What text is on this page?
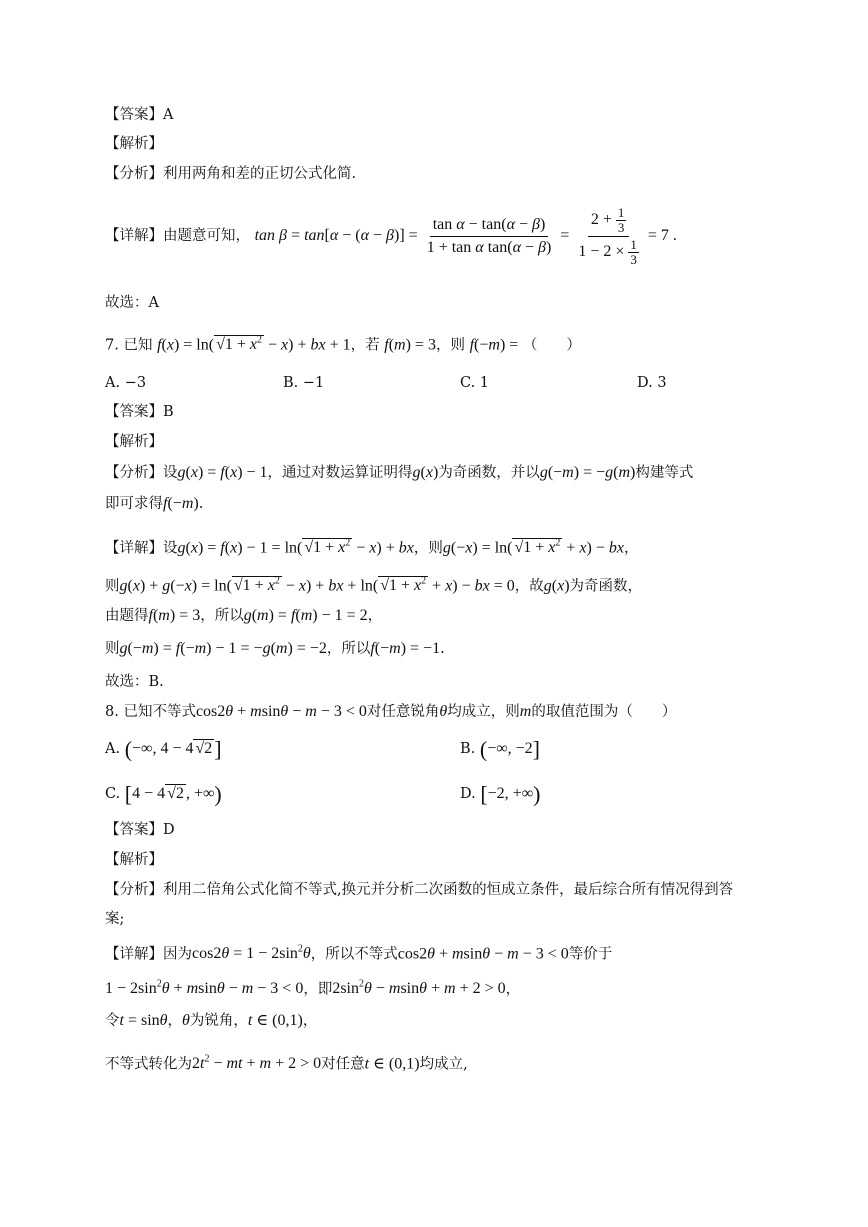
【答案】A
【解析】
【分析】利用两角和差的正切公式化简.
【详解】由题意可知， $\tan \beta = \tan[\alpha - (\alpha - \beta)] = \frac{\text{tan α − tan(α − β)}}{\text{1 + tan α tan(α − β)}} = \frac{2 + \frac{1}{3}}{1 - 2 \times \frac{1}{3}} = 7$ .
故选：A
7. 已知 f(x) = ln( $√1 + x^2 - x$) + bx + 1，若 f(m) = 3，则 f(−m) = （　　）
A. −3	B. −1	C. 1	D. 3
【答案】B
【解析】
【分析】设g(x) = f(x) − 1，通过对数运算证明得g(x)为奇函数，并以g(−m) = −g(m)构建等式
即可求得f(−m).
【详解】设g(x) = f(x) − 1 = ln( $√1 + x^2 - x$) + bx，则g(−x) = ln( $√1 + x^2 + x$) − bx，
则g(x) + g(−x) = ln( $√1 + x^2 - x$) + bx + ln( $√1 + x^2 + x$) − bx = 0，故g(x)为奇函数，
由题得f(m) = 3，所以g(m) = f(m) − 1 = 2，
则g(−m) = f(−m) − 1 = −g(m) = −2，所以f(−m) = −1.
故选：B.
8. 已知不等式cos2θ + msinθ − m − 3 < 0对任意锐角θ均成立，则m的取值范围为（　　）
A. (−∞, 4 − 4 √2]	B. (−∞, −2]
C. [4 − 4 √2 , +∞)	D. [−2, +∞)
【答案】D
【解析】
【分析】利用二倍角公式化简不等式,换元并分析二次函数的恒成立条件，最后综合所有情况得到答
案;
【详解】因为$\cos 2\theta = 1 - 2\sin^2\theta$，所以不等式cos2θ + msinθ − m − 3 < 0等价于
$1 - 2\sin^2\theta + msin\theta - m - 3 < 0$，即$2\sin^2\theta - msin\theta + m + 2 > 0$，
令t = sinθ，θ为锐角，t ∈ (0,1)，
不等式转化为$2t^2$ − mt + m + 2 > 0对任意t ∈ (0,1)均成立,
